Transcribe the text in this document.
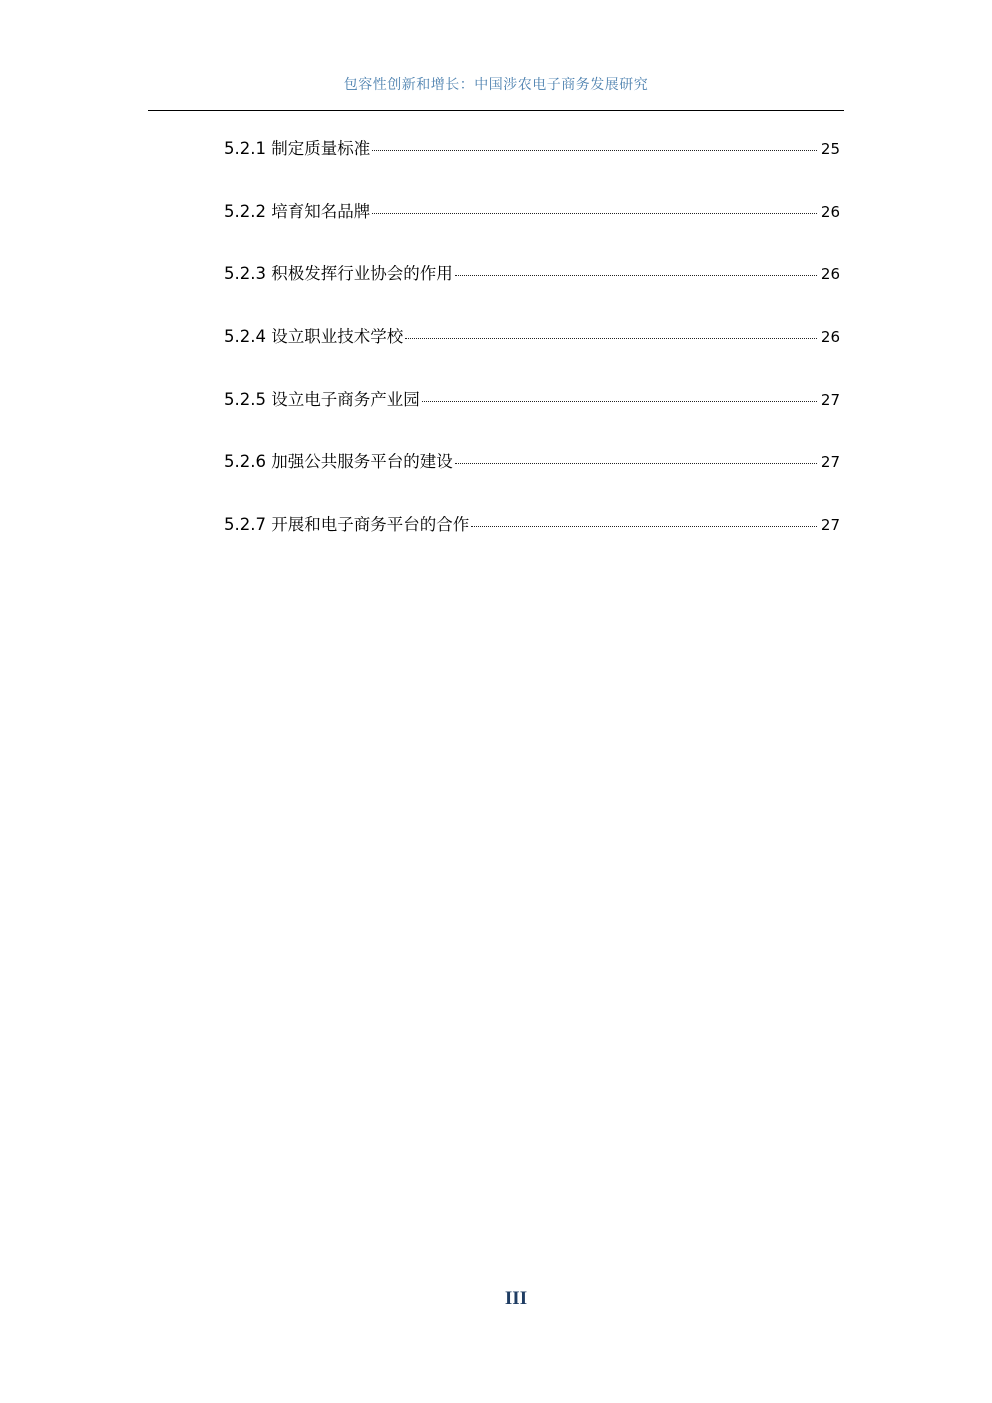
包容性创新和增长：中国涉农电子商务发展研究
5.2.1 制定质量标准	25
5.2.2 培育知名品牌	26
5.2.3 积极发挥行业协会的作用	26
5.2.4 设立职业技术学校	26
5.2.5 设立电子商务产业园	27
5.2.6 加强公共服务平台的建设	27
5.2.7 开展和电子商务平台的合作	27
III
